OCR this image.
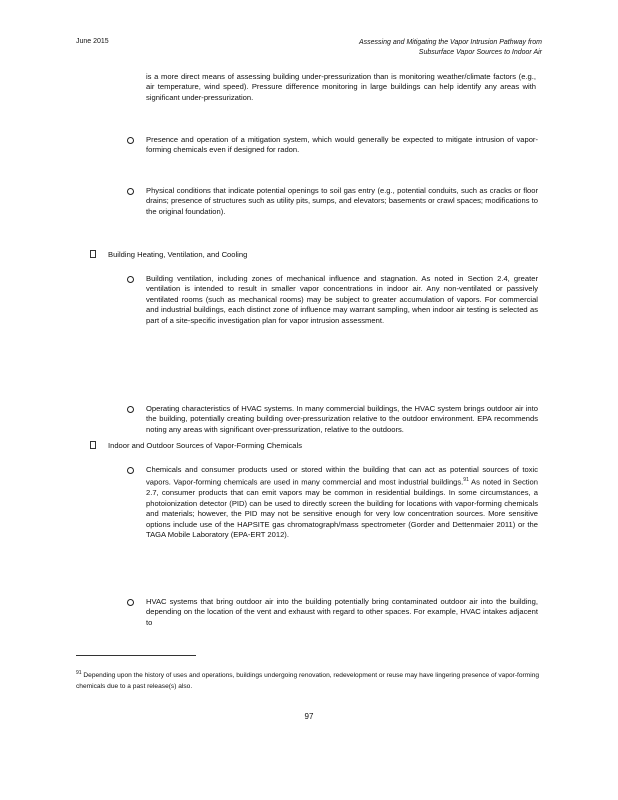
June 2015	Assessing and Mitigating the Vapor Intrusion Pathway from
Subsurface Vapor Sources to Indoor Air
is a more direct means of assessing building under-pressurization than is monitoring weather/climate factors (e.g., air temperature, wind speed). Pressure difference monitoring in large buildings can help identify any areas with significant under-pressurization.
Presence and operation of a mitigation system, which would generally be expected to mitigate intrusion of vapor-forming chemicals even if designed for radon.
Physical conditions that indicate potential openings to soil gas entry (e.g., potential conduits, such as cracks or floor drains; presence of structures such as utility pits, sumps, and elevators; basements or crawl spaces; modifications to the original foundation).
Building Heating, Ventilation, and Cooling
Building ventilation, including zones of mechanical influence and stagnation. As noted in Section 2.4, greater ventilation is intended to result in smaller vapor concentrations in indoor air. Any non-ventilated or passively ventilated rooms (such as mechanical rooms) may be subject to greater accumulation of vapors. For commercial and industrial buildings, each distinct zone of influence may warrant sampling, when indoor air testing is selected as part of a site-specific investigation plan for vapor intrusion assessment.
Operating characteristics of HVAC systems. In many commercial buildings, the HVAC system brings outdoor air into the building, potentially creating building over-pressurization relative to the outdoor environment. EPA recommends noting any areas with significant over-pressurization, relative to the outdoors.
Indoor and Outdoor Sources of Vapor-Forming Chemicals
Chemicals and consumer products used or stored within the building that can act as potential sources of toxic vapors. Vapor-forming chemicals are used in many commercial and most industrial buildings.$^{91}$ As noted in Section 2.7, consumer products that can emit vapors may be common in residential buildings. In some circumstances, a photoionization detector (PID) can be used to directly screen the building for locations with vapor-forming chemicals and materials; however, the PID may not be sensitive enough for very low concentration sources. More sensitive options include use of the HAPSITE gas chromatograph/mass spectrometer (Gorder and Dettenmaier 2011) or the TAGA Mobile Laboratory (EPA-ERT 2012).
HVAC systems that bring outdoor air into the building potentially bring contaminated outdoor air into the building, depending on the location of the vent and exhaust with regard to other spaces. For example, HVAC intakes adjacent to
$^{91}$ Depending upon the history of uses and operations, buildings undergoing renovation, redevelopment or reuse may have lingering presence of vapor-forming chemicals due to a past release(s) also.
97
